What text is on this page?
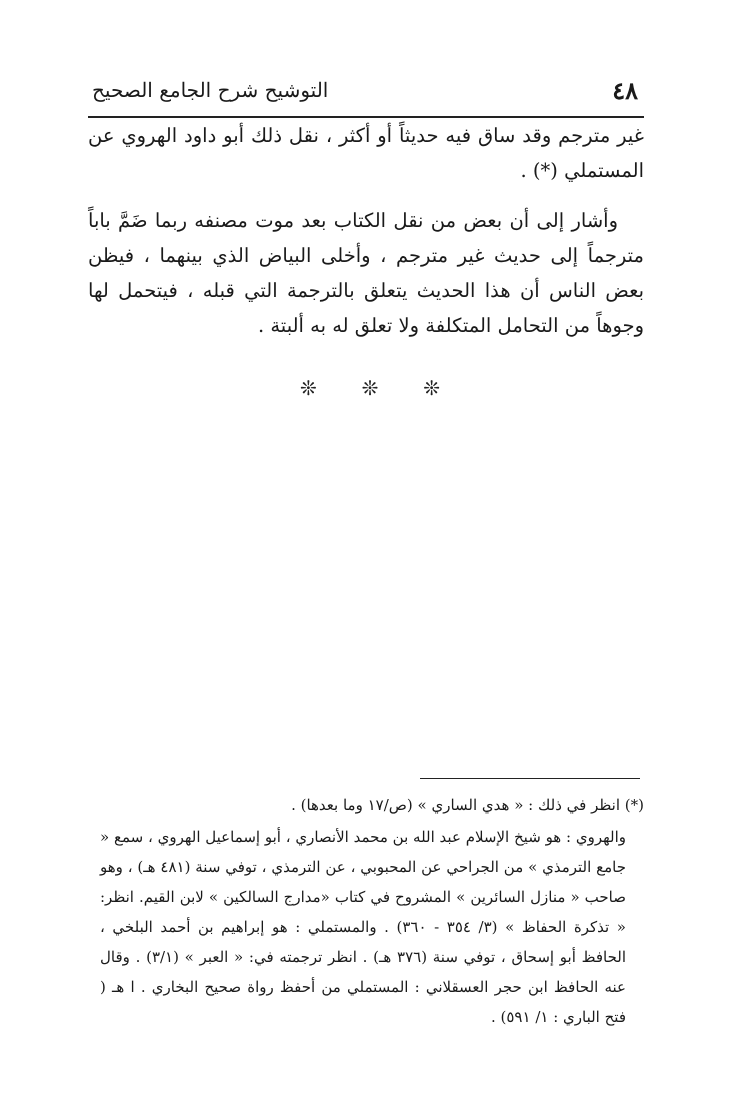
٤٨
التوشيح شرح الجامع الصحيح

غير مترجم وقد ساق فيه حديثاً أو أكثر ، نقل ذلك أبو داود الهروي عن المستملي (*) .

وأشار إلى أن بعض من نقل الكتاب بعد موت مصنفه ربما ضَمَّ باباً مترجماً إلى حديث غير مترجم ، وأخلى البياض الذي بينهما ، فيظن بعض الناس أن هذا الحديث يتعلق بالترجمة التي قبله ، فيتحمل لها وجوهاً من التحامل المتكلفة ولا تعلق له به ألبتة .

❊ ❊ ❊

(*) انظر في ذلك : « هدي الساري » (ص/١٧ وما بعدها) .

والهروي : هو شيخ الإسلام عبد الله بن محمد الأنصاري ، أبو إسماعيل الهروي ، سمع « جامع الترمذي » من الجراحي عن المحبوبي ، عن الترمذي ، توفي سنة (٤٨١ هـ) ، وهو صاحب « منازل السائرين » المشروح في كتاب «مدارج السالكين » لابن القيم. انظر: « تذكرة الحفاظ » (٣/ ٣٥٤ - ٣٦٠) . والمستملي : هو إبراهيم بن أحمد البلخي ، الحافظ أبو إسحاق ، توفي سنة (٣٧٦ هـ) . انظر ترجمته في: « العبر » (٣/١) . وقال عنه الحافظ ابن حجر العسقلاني : المستملي من أحفظ رواة صحيح البخاري . ا هـ ( فتح الباري : ١/ ٥٩١) .
